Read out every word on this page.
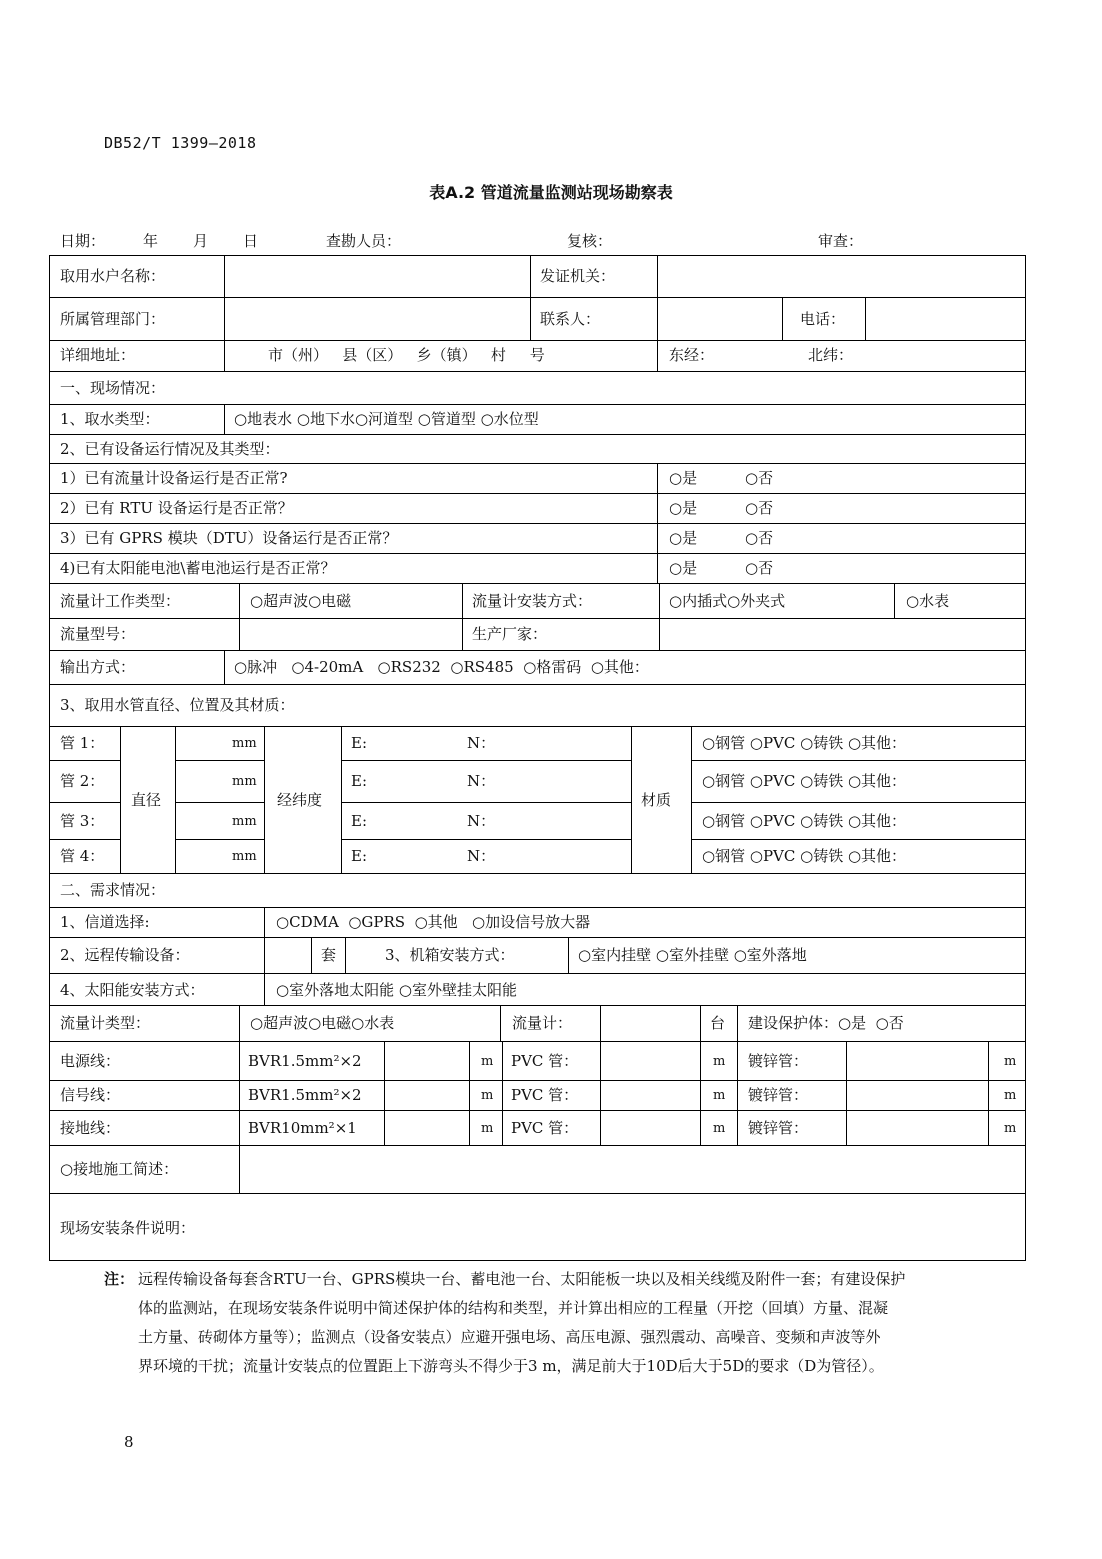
DB52/T 1399—2018
表A.2 管道流量监测站现场勘察表
日期：	年 月 日	查勘人员：	复核：	审查：
取用水户名称：	发证机关：
所属管理部门：	联系人：	电话：
详细地址：	市（州）   县（区）   乡（镇）   村     号	东经：	北纬：
一、现场情况：
1、取水类型：	○地表水 ○地下水○河道型 ○管道型 ○水位型
2、已有设备运行情况及其类型：
1）已有流量计设备运行是否正常?	○是	○否
2）已有 RTU 设备运行是否正常？	○是	○否
3）已有 GPRS 模块（DTU）设备运行是否正常？	○是	○否
4)已有太阳能电池\蓄电池运行是否正常？	○是	○否
流量计工作类型：	○超声波○电磁	流量计安装方式：	○内插式○外夹式	○水表
流量型号：	生产厂家：
输出方式：	○脉冲   ○4-20mA   ○RS232  ○RS485  ○格雷码  ○其他：
3、取用水管直径、位置及其材质：
直径	经纬度	材质
管 1：	mm	E:	N：	○钢管 ○PVC ○铸铁 ○其他：
管 2：	mm	E:	N：	○钢管 ○PVC ○铸铁 ○其他：
管 3：	mm	E:	N：	○钢管 ○PVC ○铸铁 ○其他：
管 4：	mm	E:	N：	○钢管 ○PVC ○铸铁 ○其他：
二、需求情况：
1、信道选择:	○CDMA  ○GPRS  ○其他   ○加设信号放大器
2、远程传输设备：	套	3、机箱安装方式：	○室内挂壁 ○室外挂壁 ○室外落地
4、太阳能安装方式：	○室外落地太阳能 ○室外壁挂太阳能
流量计类型：	○超声波○电磁○水表	流量计：	台 建设保护体：○是  ○否
电源线：	BVR1.5mm²×2	m PVC 管：	m 镀锌管：	m
信号线：	BVR1.5mm²×2	m PVC 管：	m 镀锌管：	m
接地线：	BVR10mm²×1	m PVC 管：	m 镀锌管：	m
○接地施工简述：
现场安装条件说明：
注： 远程传输设备每套含RTU一台、GPRS模块一台、蓄电池一台、太阳能板一块以及相关线缆及附件一套；有建设保护
体的监测站，在现场安装条件说明中简述保护体的结构和类型，并计算出相应的工程量（开挖（回填）方量、混凝
土方量、砖砌体方量等）；监测点（设备安装点）应避开强电场、高压电源、强烈震动、高噪音、变频和声波等外
界环境的干扰；流量计安装点的位置距上下游弯头不得少于3 m，满足前大于10D后大于5D的要求（D为管径）。
8
